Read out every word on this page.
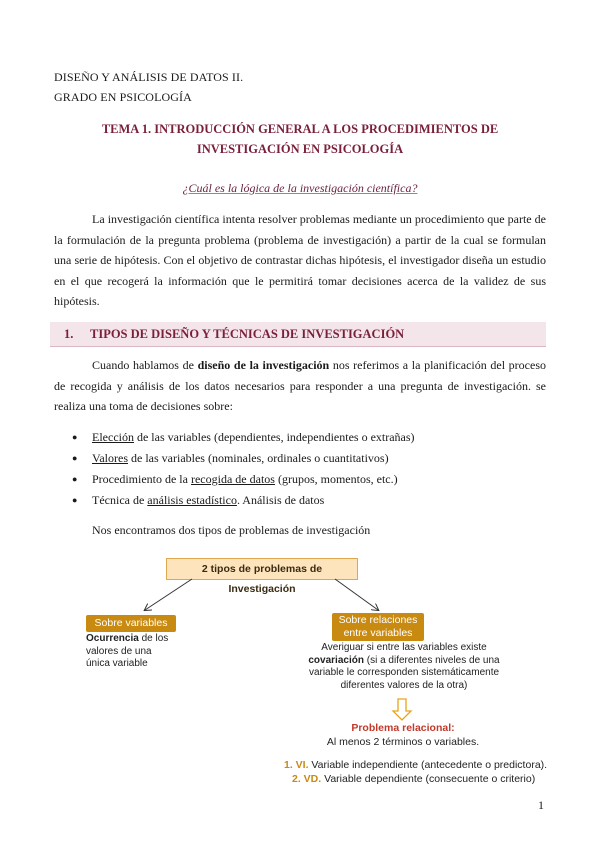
DISEÑO Y ANÁLISIS DE DATOS II.
GRADO EN PSICOLOGÍA
TEMA 1. INTRODUCCIÓN GENERAL A LOS PROCEDIMIENTOS DE
INVESTIGACIÓN EN PSICOLOGÍA
¿Cuál es la lógica de la investigación científica?

La investigación científica intenta resolver problemas mediante un procedimiento que parte de la formulación de la pregunta problema (problema de investigación) a partir de la cual se formulan una serie de hipótesis. Con el objetivo de contrastar dichas hipótesis, el investigador diseña un estudio en el que recogerá la información que le permitirá tomar decisiones acerca de la validez de sus hipótesis.

1. TIPOS DE DISEÑO Y TÉCNICAS DE INVESTIGACIÓN

Cuando hablamos de diseño de la investigación nos referimos a la planificación del proceso de recogida y análisis de los datos necesarios para responder a una pregunta de investigación. se realiza una toma de decisiones sobre:

● Elección de las variables (dependientes, independientes o extrañas)
● Valores de las variables (nominales, ordinales o cuantitativos)
● Procedimiento de la recogida de datos (grupos, momentos, etc.)
● Técnica de análisis estadístico. Análisis de datos
Nos encontramos dos tipos de problemas de investigación
2 tipos de problemas de Investigación
Sobre variables
Ocurrencia de los
valores de una
única variable
Sobre relaciones
entre variables
Averiguar si entre las variables existe
covariación (si a diferentes niveles de una
variable le corresponden sistemáticamente
diferentes valores de la otra)
Problema relacional:
Al menos 2 términos o variables.
1. VI. Variable independiente (antecedente o predictora).
2. VD. Variable dependiente (consecuente o criterio)
1
